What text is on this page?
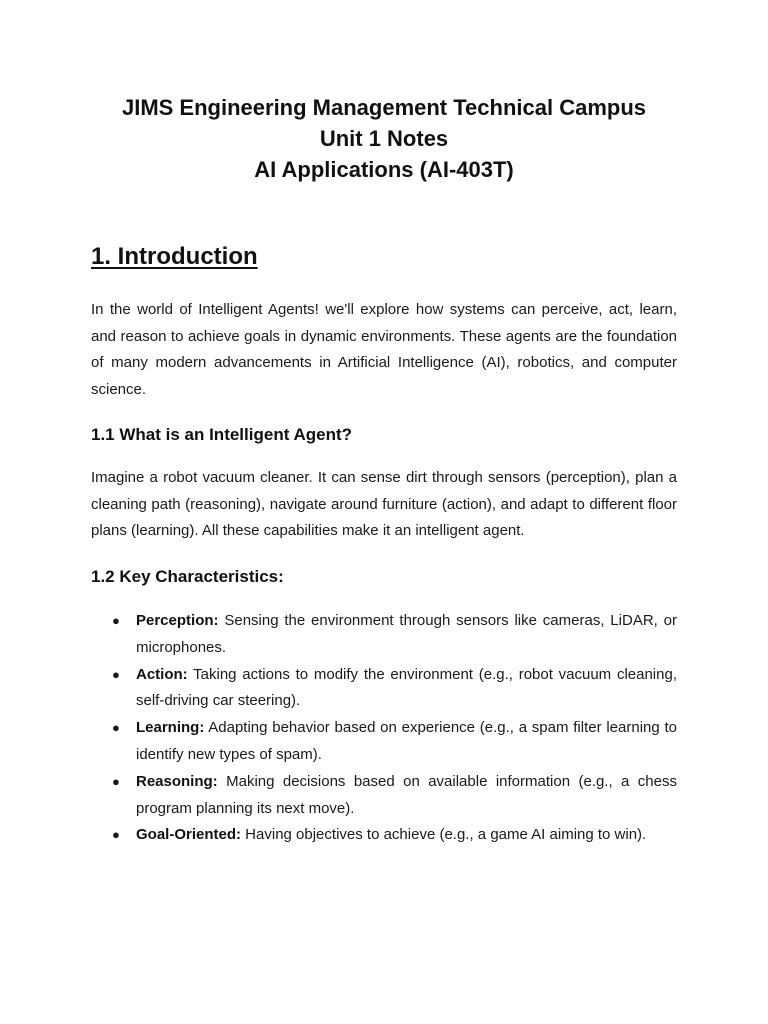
JIMS Engineering Management Technical Campus
Unit 1 Notes
AI Applications (AI-403T)
1. Introduction

In the world of Intelligent Agents! we'll explore how systems can perceive, act, learn, and reason to achieve goals in dynamic environments. These agents are the foundation of many modern advancements in Artificial Intelligence (AI), robotics, and computer science.

1.1 What is an Intelligent Agent?

Imagine a robot vacuum cleaner. It can sense dirt through sensors (perception), plan a cleaning path (reasoning), navigate around furniture (action), and adapt to different floor plans (learning). All these capabilities make it an intelligent agent.

1.2 Key Characteristics:
● Perception: Sensing the environment through sensors like cameras, LiDAR, or microphones.
● Action: Taking actions to modify the environment (e.g., robot vacuum cleaning, self-driving car steering).
● Learning: Adapting behavior based on experience (e.g., a spam filter learning to identify new types of spam).
● Reasoning: Making decisions based on available information (e.g., a chess program planning its next move).
● Goal-Oriented: Having objectives to achieve (e.g., a game AI aiming to win).
